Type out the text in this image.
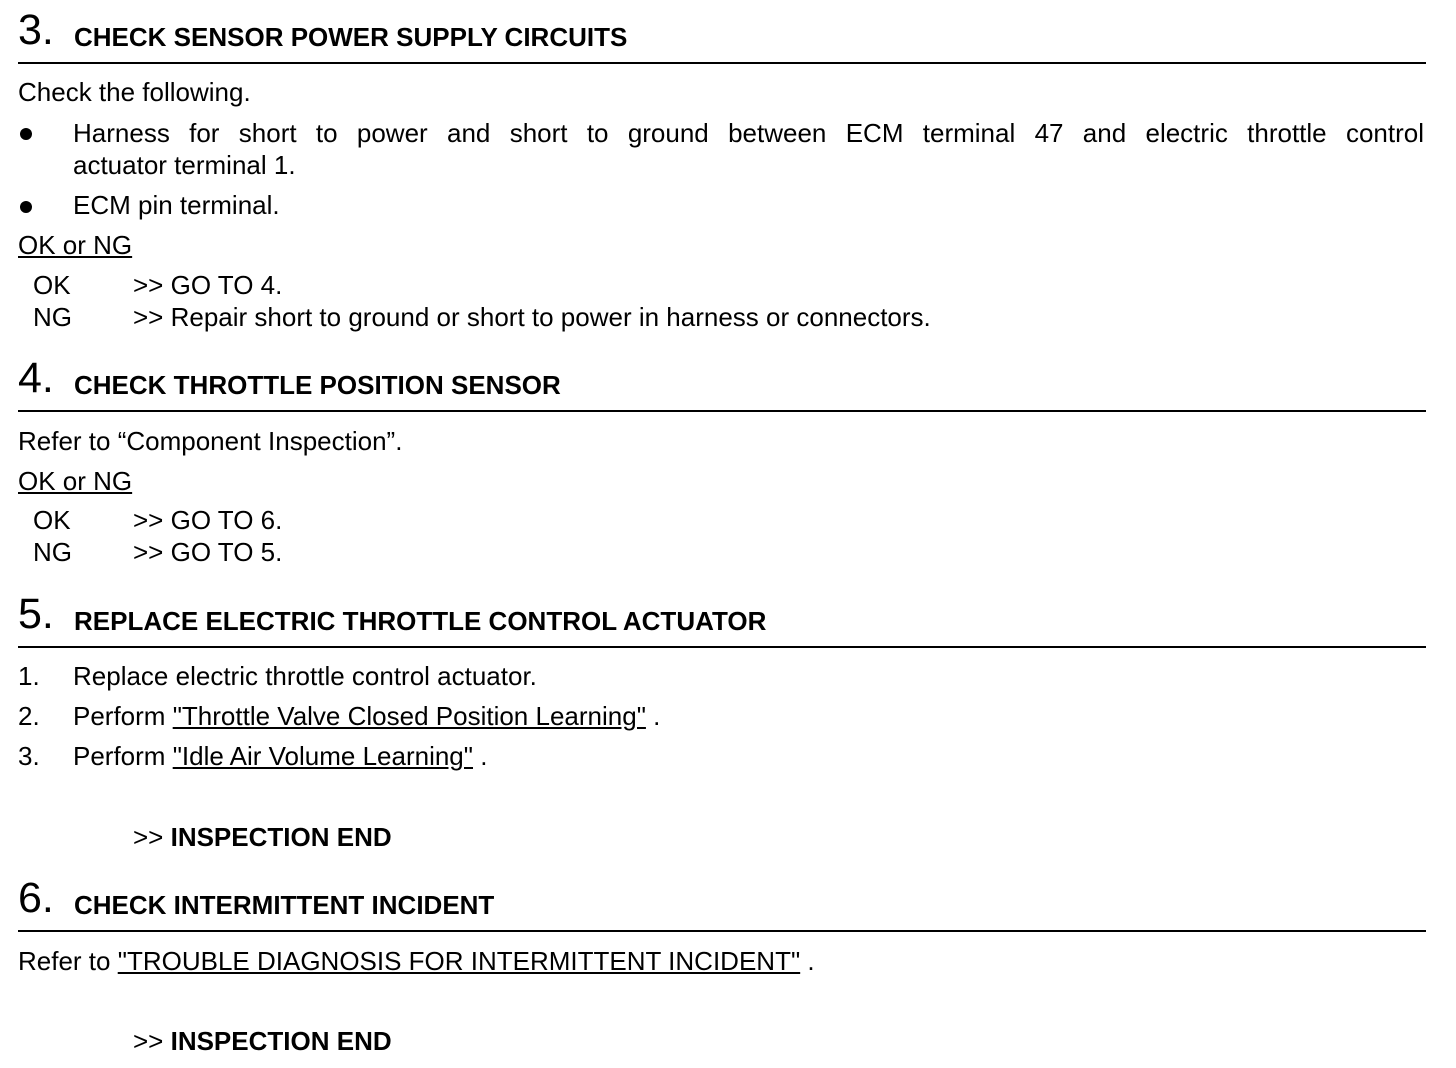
3. CHECK SENSOR POWER SUPPLY CIRCUITS
Check the following.
Harness for short to power and short to ground between ECM terminal 47 and electric throttle control
actuator terminal 1.
ECM pin terminal.
OK or NG
OK >> GO TO 4.
NG >> Repair short to ground or short to power in harness or connectors.
4. CHECK THROTTLE POSITION SENSOR
Refer to “Component Inspection”.
OK or NG
OK >> GO TO 6.
NG >> GO TO 5.
5. REPLACE ELECTRIC THROTTLE CONTROL ACTUATOR
1. Replace electric throttle control actuator.
2. Perform "Throttle Valve Closed Position Learning" .
3. Perform "Idle Air Volume Learning" .
>> INSPECTION END
6. CHECK INTERMITTENT INCIDENT
Refer to "TROUBLE DIAGNOSIS FOR INTERMITTENT INCIDENT" .
>> INSPECTION END
